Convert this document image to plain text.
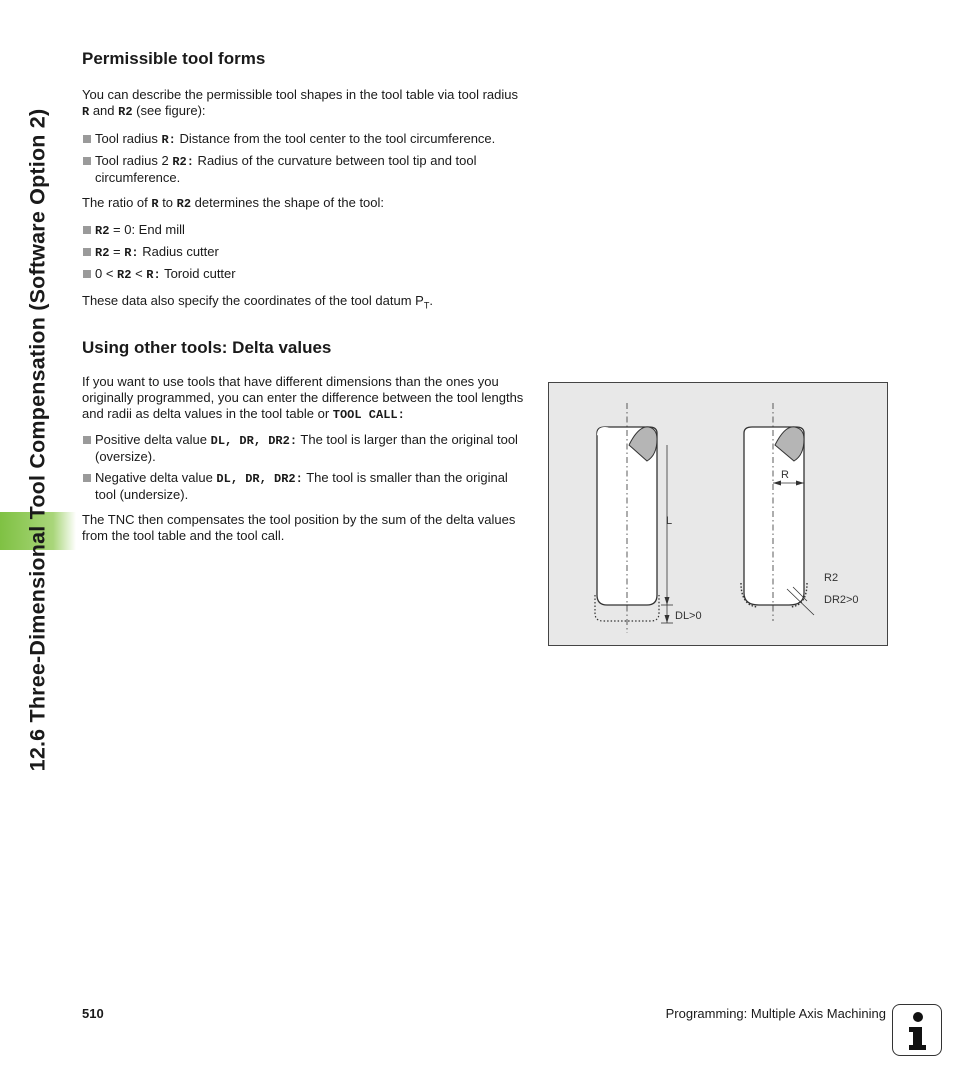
12.6 Three-Dimensional Tool Compensation (Software Option 2)
Permissible tool forms

You can describe the permissible tool shapes in the tool table via tool radius R and R2 (see figure):

Tool radius R: Distance from the tool center to the tool circumference.

Tool radius 2 R2: Radius of the curvature between tool tip and tool circumference.

The ratio of R to R2 determines the shape of the tool:

R2 = 0: End mill

R2 = R: Radius cutter

0 < R2 < R: Toroid cutter

These data also specify the coordinates of the tool datum $P_T$.

Using other tools: Delta values

If you want to use tools that have different dimensions than the ones you originally programmed, you can enter the difference between the tool lengths and radii as delta values in the tool table or TOOL CALL:

Positive delta value DL, DR, DR2: The tool is larger than the original tool (oversize).

Negative delta value DL, DR, DR2: The tool is smaller than the original tool (undersize).

The TNC then compensates the tool position by the sum of the delta values from the tool table and the tool call.

L
DL>0
R
R2
DR2>0
510	Programming: Multiple Axis Machining
